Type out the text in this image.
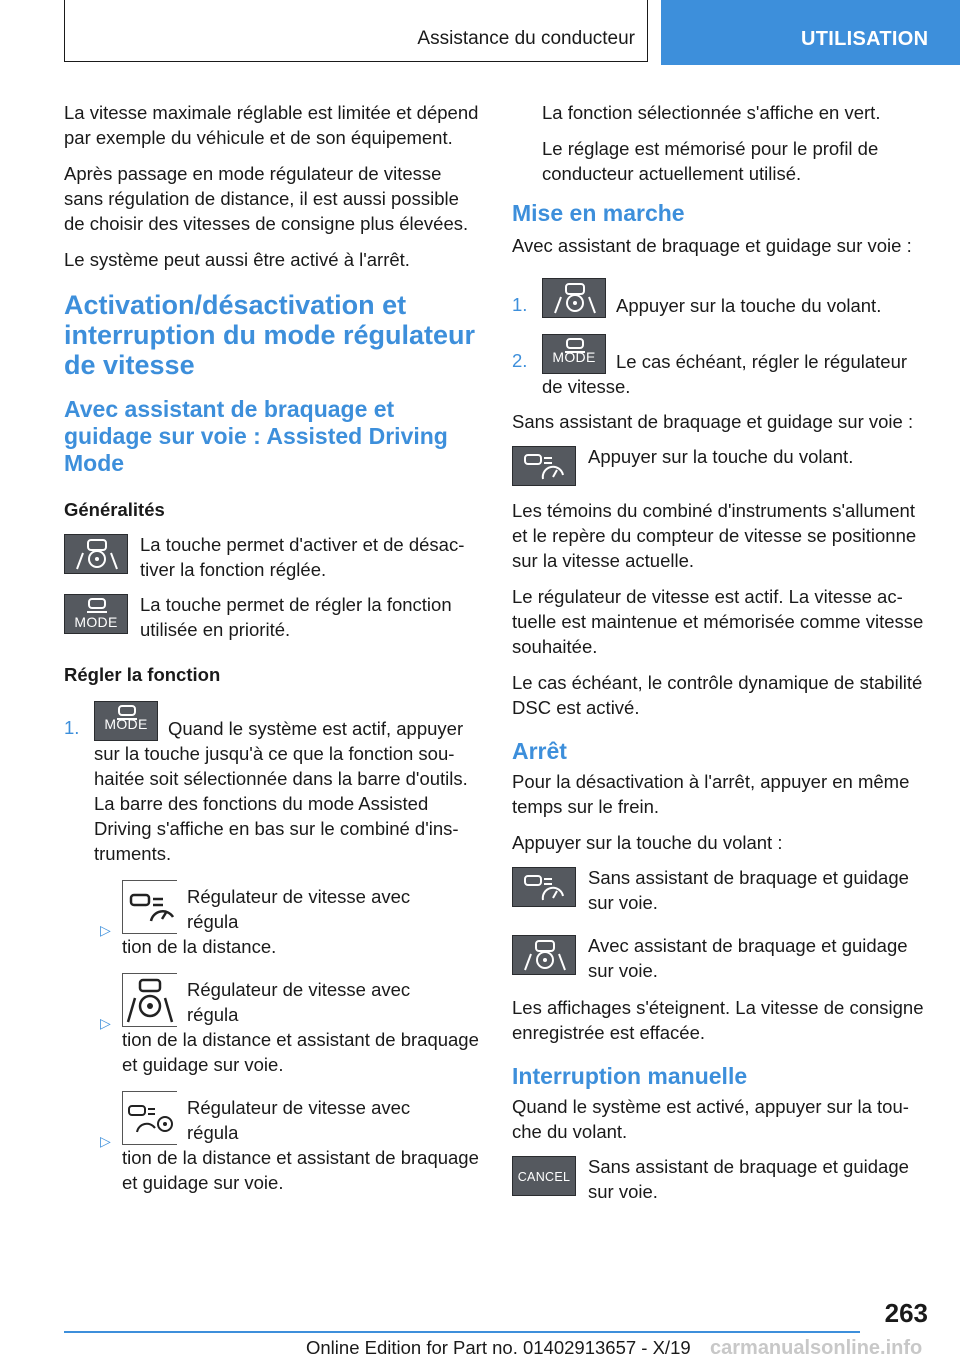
Assistance du conducteur	UTILISATION

La vitesse maximale réglable est limitée et dépend par exemple du véhicule et de son équipement.

Après passage en mode régulateur de vitesse sans régulation de distance, il est aussi possible de choisir des vitesses de consigne plus élevées.

Le système peut aussi être activé à l'arrêt.

Activation/désactivation et interruption du mode régulateur de vitesse
Avec assistant de braquage et guidage sur voie : Assisted Driving Mode
Généralités
La touche permet d'activer et de désactiver la fonction réglée.
MODE
La touche permet de régler la fonction utilisée en priorité.
Régler la fonction
1.	MODE	Quand le système est actif, appuyer
sur la touche jusqu'à ce que la fonction souhaitée soit sélectionnée dans la barre d'outils. La barre des fonctions du mode Assisted Driving s'affiche en bas sur le combiné d'instruments.
▷
Régulateur de vitesse avec régula
tion de la distance.
▷
Régulateur de vitesse avec régula
tion de la distance et assistant de braquage et guidage sur voie.
▷
Régulateur de vitesse avec régula
tion de la distance et assistant de braquage et guidage sur voie.

La fonction sélectionnée s'affiche en vert.

Le réglage est mémorisé pour le profil de conducteur actuellement utilisé.

Mise en marche

Avec assistant de braquage et guidage sur voie :

1.	Appuyer sur la touche du volant.
2.	MODE	Le cas échéant, régler le régulateur
de vitesse.

Sans assistant de braquage et guidage sur voie :

Appuyer sur la touche du volant.

Les témoins du combiné d'instruments s'allument et le repère du compteur de vitesse se positionne sur la vitesse actuelle.

Le régulateur de vitesse est actif. La vitesse actuelle est maintenue et mémorisée comme vitesse souhaitée.

Le cas échéant, le contrôle dynamique de stabilité DSC est activé.

Arrêt

Pour la désactivation à l'arrêt, appuyer en même temps sur le frein.

Appuyer sur la touche du volant :

Sans assistant de braquage et guidage sur voie.
Avec assistant de braquage et guidage sur voie.

Les affichages s'éteignent. La vitesse de consigne enregistrée est effacée.

Interruption manuelle

Quand le système est activé, appuyer sur la touche du volant.

CANCEL Sans assistant de braquage et guidage sur voie.
263
Online Edition for Part no. 01402913657 - X/19 carmanualsonline.info
